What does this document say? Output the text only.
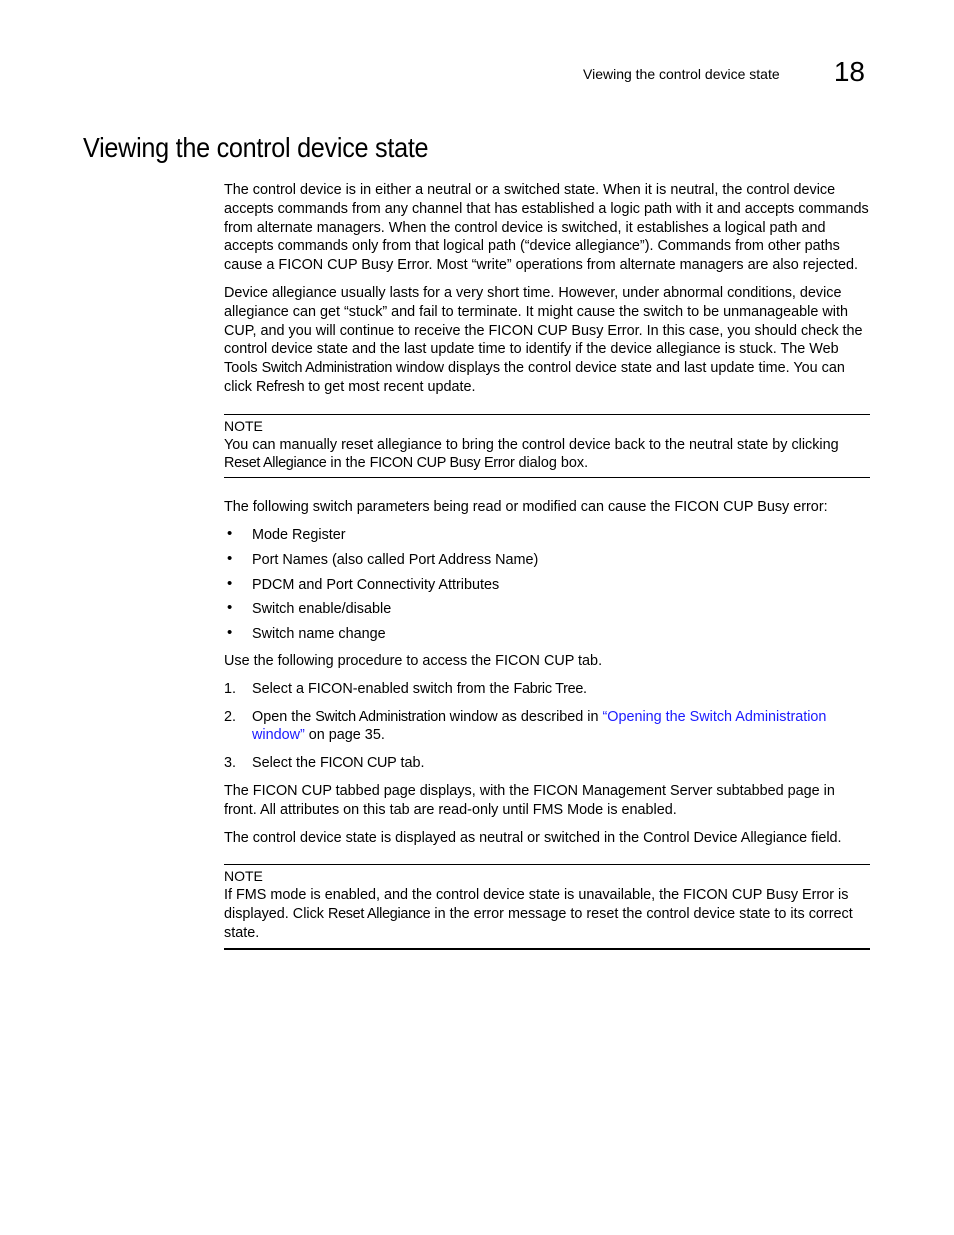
Viewing the control device state 18
Viewing the control device state

The control device is in either a neutral or a switched state. When it is neutral, the control device accepts commands from any channel that has established a logic path with it and accepts commands from alternate managers. When the control device is switched, it establishes a logical path and accepts commands only from that logical path (“device allegiance”). Commands from other paths cause a FICON CUP Busy Error. Most “write” operations from alternate managers are also rejected.

Device allegiance usually lasts for a very short time. However, under abnormal conditions, device allegiance can get “stuck” and fail to terminate. It might cause the switch to be unmanageable with CUP, and you will continue to receive the FICON CUP Busy Error. In this case, you should check the control device state and the last update time to identify if the device allegiance is stuck. The Web Tools Switch Administration window displays the control device state and last update time. You can click Refresh to get most recent update.

NOTE
You can manually reset allegiance to bring the control device back to the neutral state by clicking Reset Allegiance in the FICON CUP Busy Error dialog box.

The following switch parameters being read or modified can cause the FICON CUP Busy error:

• Mode Register
• Port Names (also called Port Address Name)
• PDCM and Port Connectivity Attributes
• Switch enable/disable
• Switch name change

Use the following procedure to access the FICON CUP tab.

1. Select a FICON-enabled switch from the Fabric Tree.
2. Open the Switch Administration window as described in “Opening the Switch Administration window” on page 35.
3. Select the FICON CUP tab.

The FICON CUP tabbed page displays, with the FICON Management Server subtabbed page in front. All attributes on this tab are read-only until FMS Mode is enabled.

The control device state is displayed as neutral or switched in the Control Device Allegiance field.

NOTE
If FMS mode is enabled, and the control device state is unavailable, the FICON CUP Busy Error is displayed. Click Reset Allegiance in the error message to reset the control device state to its correct state.
